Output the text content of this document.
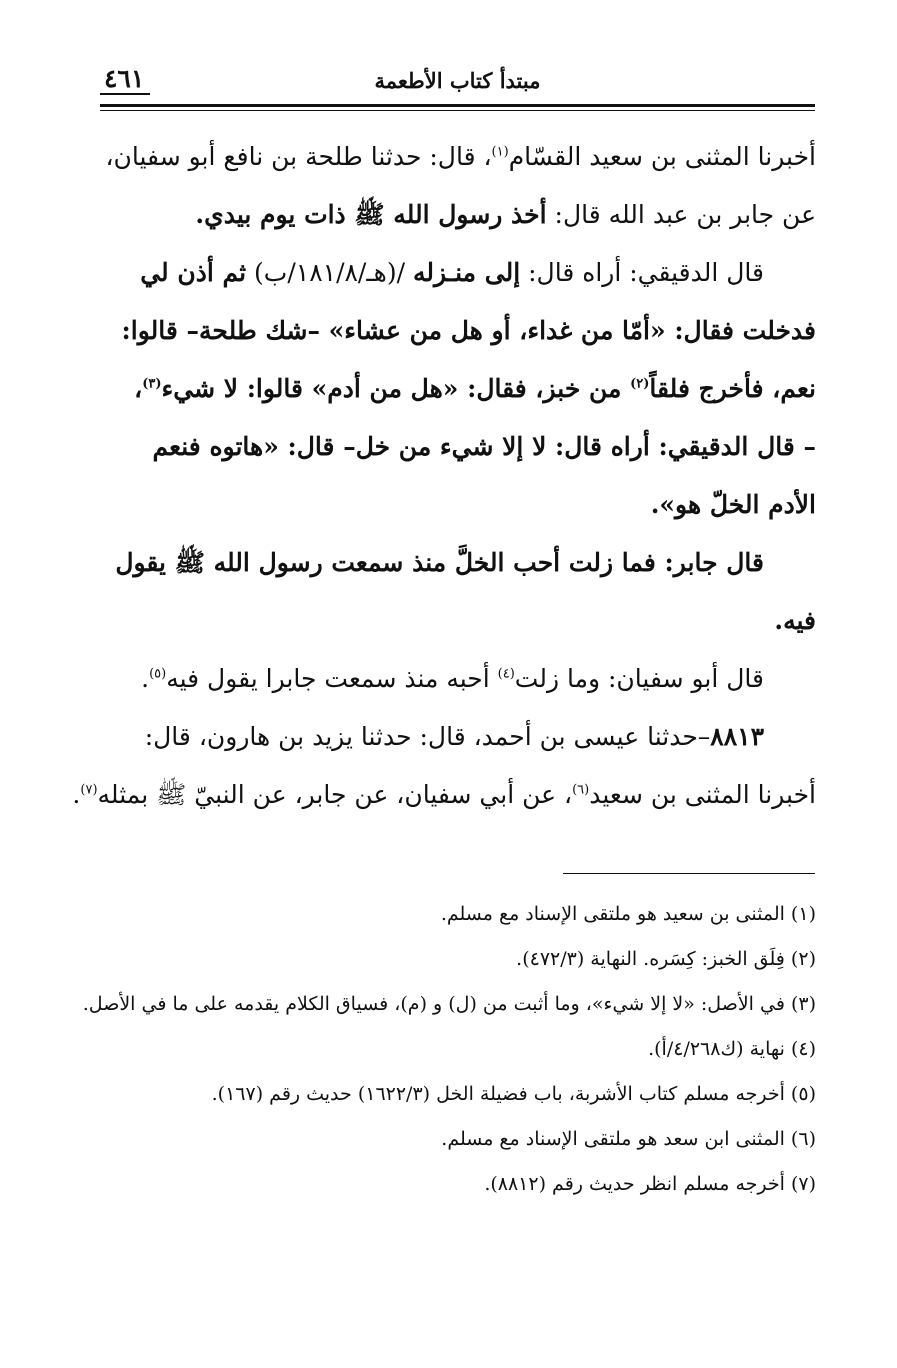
مبتدأ كتاب الأطعمة
٤٦١
أخبرنا المثنى بن سعيد القسّام$^{(١)}$، قال: حدثنا طلحة بن نافع أبو سفيان،
عن جابر بن عبد الله قال: أخذ رسول الله ﷺ ذات يوم بيدي.
قال الدقيقي: أراه قال: إلى منـزله /(هـ/١٨١/٨/ب) ثم أذن لي
فدخلت فقال: «أمّا من غداء، أو هل من عشاء» –شك طلحة– قالوا:
نعم، فأخرج فلقاً$^{(٢)}$ من خبز، فقال: «هل من أدم» قالوا: لا شيء$^{(٣)}$،
– قال الدقيقي: أراه قال: لا إلا شيء من خل– قال: «هاتوه فنعم
الأدم الخلّ هو».
قال جابر: فما زلت أحب الخلَّ منذ سمعت رسول الله ﷺ يقول
فيه.
قال أبو سفيان: وما زلت$^{(٤)}$ أحبه منذ سمعت جابرا يقول فيه$^{(٥)}$.
٨٨١٣–حدثنا عيسى بن أحمد، قال: حدثنا يزيد بن هارون، قال:
أخبرنا المثنى بن سعيد$^{(٦)}$، عن أبي سفيان، عن جابر، عن النبيّ ﷺ بمثله$^{(٧)}$.
(١) المثنى بن سعيد هو ملتقى الإسناد مع مسلم.
(٢) فِلَق الخبز: كِسَره. النهاية (٤٧٢/٣).
(٣) في الأصل: «لا إلا شيء»، وما أثبت من (ل) و (م)، فسياق الكلام يقدمه على ما في الأصل.
(٤) نهاية (ك٤/٢٦٨/أ).
(٥) أخرجه مسلم كتاب الأشربة، باب فضيلة الخل (١٦٢٢/٣) حديث رقم (١٦٧).
(٦) المثنى ابن سعد هو ملتقى الإسناد مع مسلم.
(٧) أخرجه مسلم انظر حديث رقم (٨٨١٢).
